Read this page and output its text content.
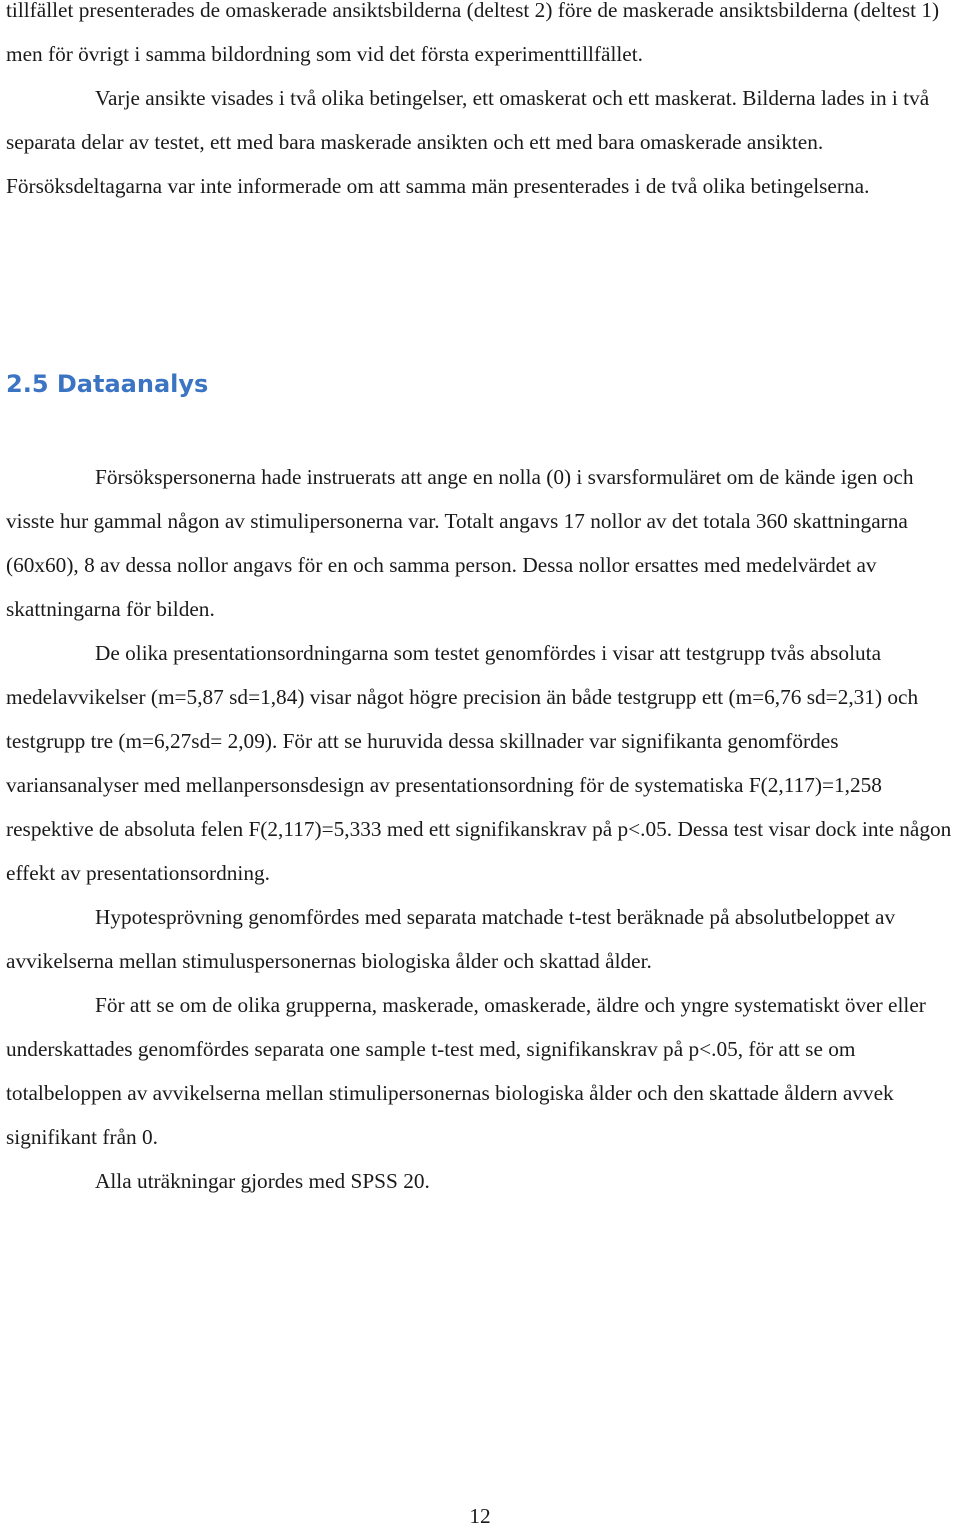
tillfället presenterades de omaskerade ansiktsbilderna (deltest 2) före de maskerade ansiktsbilderna (deltest 1) men för övrigt i samma bildordning som vid det första experimenttillfället.

Varje ansikte visades i två olika betingelser, ett omaskerat och ett maskerat. Bilderna lades in i två separata delar av testet, ett med bara maskerade ansikten och ett med bara omaskerade ansikten. Försöksdeltagarna var inte informerade om att samma män presenterades i de två olika betingelserna.

2.5 Dataanalys

Försökspersonerna hade instruerats att ange en nolla (0) i svarsformuläret om de kände igen och visste hur gammal någon av stimulipersonerna var. Totalt angavs 17 nollor av det totala 360 skattningarna (60x60), 8 av dessa nollor angavs för en och samma person. Dessa nollor ersattes med medelvärdet av skattningarna för bilden.

De olika presentationsordningarna som testet genomfördes i visar att testgrupp tvås absoluta medelavvikelser (m=5,87 sd=1,84) visar något högre precision än både testgrupp ett (m=6,76 sd=2,31) och testgrupp tre (m=6,27sd= 2,09). För att se huruvida dessa skillnader var signifikanta genomfördes variansanalyser med mellanpersonsdesign av presentationsordning för de systematiska F(2,117)=1,258 respektive de absoluta felen F(2,117)=5,333 med ett signifikanskrav på p<.05. Dessa test visar dock inte någon effekt av presentationsordning.

Hypotesprövning genomfördes med separata matchade t-test beräknade på absolutbeloppet av avvikelserna mellan stimuluspersonernas biologiska ålder och skattad ålder.

För att se om de olika grupperna, maskerade, omaskerade, äldre och yngre systematiskt över eller underskattades genomfördes separata one sample t-test med, signifikanskrav på p<.05, för att se om totalbeloppen av avvikelserna mellan stimulipersonernas biologiska ålder och den skattade åldern avvek signifikant från 0.

Alla uträkningar gjordes med SPSS 20.

12
